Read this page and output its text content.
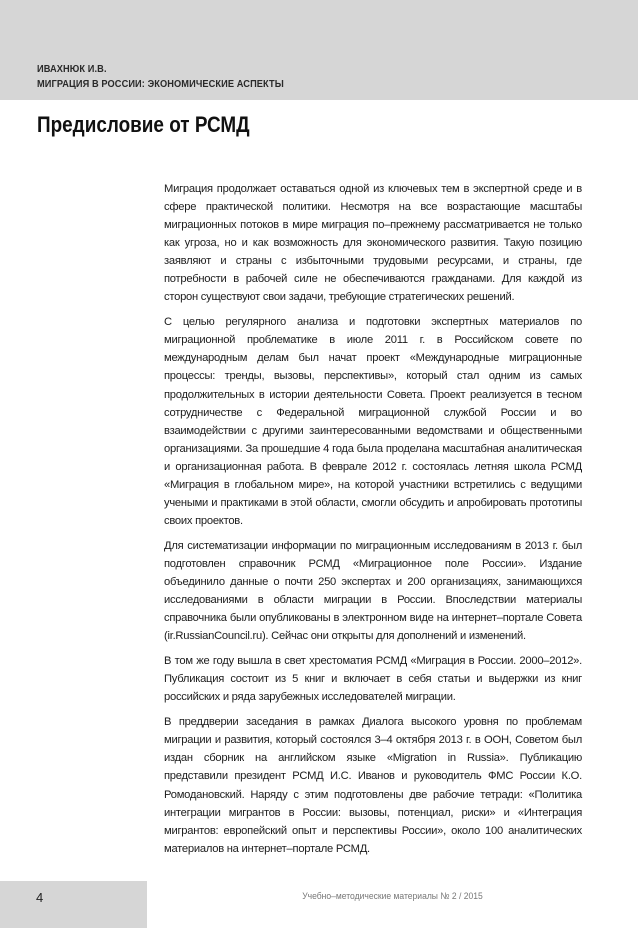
ИВАХНЮК И.В.
МИГРАЦИЯ В РОССИИ: ЭКОНОМИЧЕСКИЕ АСПЕКТЫ
Предисловие от РСМД

Миграция продолжает оставаться одной из ключевых тем в экспертной среде и в сфере практической политики. Несмотря на все возрастающие масштабы миграционных потоков в мире миграция по–прежнему рассматривается не только как угроза, но и как возможность для экономического развития. Такую позицию заявляют и страны с избыточными трудовыми ресурсами, и страны, где потребности в рабочей силе не обеспечиваются гражданами. Для каждой из сторон существуют свои задачи, требующие стратегических решений.

С целью регулярного анализа и подготовки экспертных материалов по миграционной проблематике в июле 2011 г. в Российском совете по международным делам был начат проект «Международные миграционные процессы: тренды, вызовы, перспективы», который стал одним из самых продолжительных в истории деятельности Совета. Проект реализуется в тесном сотрудничестве с Федеральной миграционной службой России и во взаимодействии с другими заинтересованными ведомствами и общественными организациями. За прошедшие 4 года была проделана масштабная аналитическая и организационная работа. В феврале 2012 г. состоялась летняя школа РСМД «Миграция в глобальном мире», на которой участники встретились с ведущими учеными и практиками в этой области, смогли обсудить и апробировать прототипы своих проектов.

Для систематизации информации по миграционным исследованиям в 2013 г. был подготовлен справочник РСМД «Миграционное поле России». Издание объединило данные о почти 250 экспертах и 200 организациях, занимающихся исследованиями в области миграции в России. Впоследствии материалы справочника были опубликованы в электронном виде на интернет–портале Совета (ir.RussianCouncil.ru). Сейчас они открыты для дополнений и изменений.

В том же году вышла в свет хрестоматия РСМД «Миграция в России. 2000–2012». Публикация состоит из 5 книг и включает в себя статьи и выдержки из книг российских и ряда зарубежных исследователей миграции.

В преддверии заседания в рамках Диалога высокого уровня по проблемам миграции и развития, который состоялся 3–4 октября 2013 г. в ООН, Советом был издан сборник на английском языке «Migration in Russia». Публикацию представили президент РСМД И.С. Иванов и руководитель ФМС России К.О. Ромодановский. Наряду с этим подготовлены две рабочие тетради: «Политика интеграции мигрантов в России: вызовы, потенциал, риски» и «Интеграция мигрантов: европейский опыт и перспективы России», около 100 аналитических материалов на интернет–портале РСМД.

4	Учебно–методические материалы № 2 / 2015
